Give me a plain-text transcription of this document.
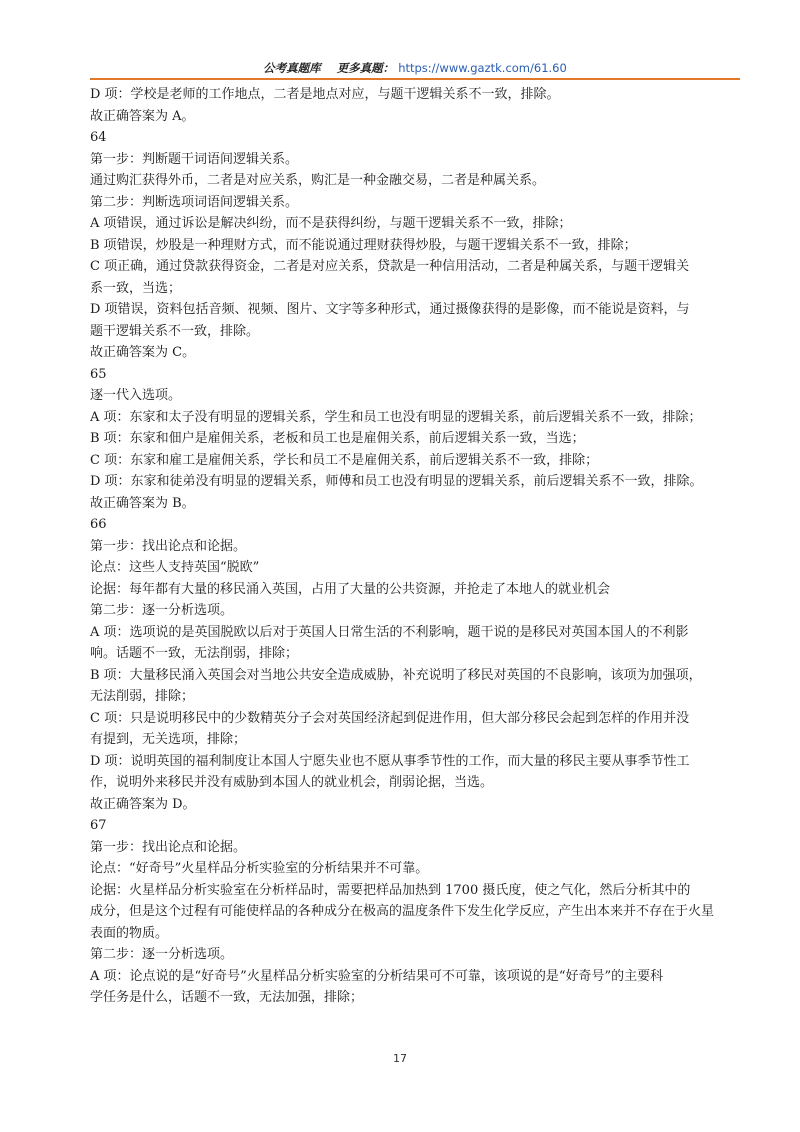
公考真题库 更多真题： https://www.gaztk.com/61.60
D 项：学校是老师的工作地点，二者是地点对应，与题干逻辑关系不一致，排除。
故正确答案为 A。
64
第一步：判断题干词语间逻辑关系。
通过购汇获得外币，二者是对应关系，购汇是一种金融交易，二者是种属关系。
第二步：判断选项词语间逻辑关系。
A 项错误，通过诉讼是解决纠纷，而不是获得纠纷，与题干逻辑关系不一致，排除；
B 项错误，炒股是一种理财方式，而不能说通过理财获得炒股，与题干逻辑关系不一致，排除；
C 项正确，通过贷款获得资金，二者是对应关系，贷款是一种信用活动，二者是种属关系，与题干逻辑关
系一致，当选；
D 项错误，资料包括音频、视频、图片、文字等多种形式，通过摄像获得的是影像，而不能说是资料，与
题干逻辑关系不一致，排除。
故正确答案为 C。
65
逐一代入选项。
A 项：东家和太子没有明显的逻辑关系，学生和员工也没有明显的逻辑关系，前后逻辑关系不一致，排除；
B 项：东家和佃户是雇佣关系，老板和员工也是雇佣关系，前后逻辑关系一致，当选；
C 项：东家和雇工是雇佣关系，学长和员工不是雇佣关系，前后逻辑关系不一致，排除；
D 项：东家和徒弟没有明显的逻辑关系，师傅和员工也没有明显的逻辑关系，前后逻辑关系不一致，排除。
故正确答案为 B。
66
第一步：找出论点和论据。
论点：这些人支持英国“脱欧”
论据：每年都有大量的移民涌入英国，占用了大量的公共资源，并抢走了本地人的就业机会
第二步：逐一分析选项。
A 项：选项说的是英国脱欧以后对于英国人日常生活的不利影响，题干说的是移民对英国本国人的不利影
响。话题不一致，无法削弱，排除；
B 项：大量移民涌入英国会对当地公共安全造成威胁，补充说明了移民对英国的不良影响，该项为加强项，
无法削弱，排除；
C 项：只是说明移民中的少数精英分子会对英国经济起到促进作用，但大部分移民会起到怎样的作用并没
有提到，无关选项，排除；
D 项：说明英国的福利制度让本国人宁愿失业也不愿从事季节性的工作，而大量的移民主要从事季节性工
作，说明外来移民并没有威胁到本国人的就业机会，削弱论据，当选。
故正确答案为 D。
67
第一步：找出论点和论据。
论点：“好奇号”火星样品分析实验室的分析结果并不可靠。
论据：火星样品分析实验室在分析样品时，需要把样品加热到 1700 摄氏度，使之气化，然后分析其中的
成分，但是这个过程有可能使样品的各种成分在极高的温度条件下发生化学反应，产生出本来并不存在于火星
表面的物质。
第二步：逐一分析选项。
A 项：论点说的是“好奇号”火星样品分析实验室的分析结果可不可靠，该项说的是“好奇号”的主要科
学任务是什么，话题不一致，无法加强，排除；
17
